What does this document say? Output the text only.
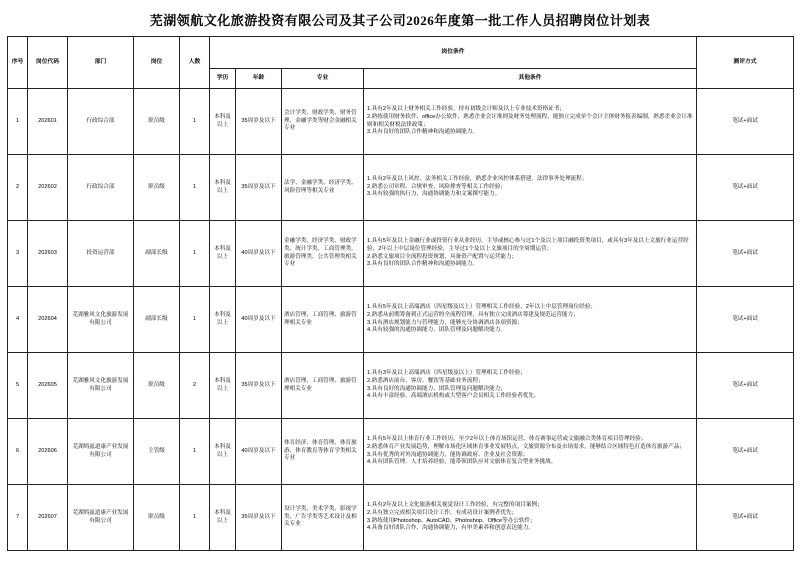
芜湖领航文化旅游投资有限公司及其子公司2026年度第一批工作人员招聘岗位计划表
序号	岗位代码	部门	岗位	人数	岗位条件				测评方式
					学历	年龄	专业	其他条件	
1	202601	行政综合部	职员级	1	本科及以上	35周岁及以下	会计学类、财政学类、财务管理、金融学类等财会金融相关专业	1.具有2年及以上财务相关工作经验，持有初级会计师及以上专业技术资格证书；
2.熟练使用财务软件、office办公软件，熟悉企业会计准则及财务处理流程，能独立完成单个会计主体财务报表编制，熟悉企业会计准则和相关财税法律政策；
3.具有良好的团队合作精神和沟通协调能力。	笔试+面试
2	202602	行政综合部	职员级	1	本科及以上	35周岁及以下	法学、金融学类、经济学类、风险管理等相关专业	1.具有2年及以上风控、法务相关工作经验，熟悉企业风控体系搭建、法律事务处理流程；
2.熟悉公司章程、合规审查、风险排查等相关工作经验；
3.具有较强的执行力，沟通协调能力和文案撰写能力。	笔试+面试
3	202603	投资运营部	副部长级	1	本科及以上	40周岁及以下	金融学类、经济学类、财政学类、统计学类、工商管理类、旅游管理类、公共管理类相关专业	1.具有5年及以上金融行业或投资行业从业经历，主导或核心参与过1个及以上项目融投资类项目，或具有3年及以上文旅行业运营经验，2年以上中层岗位管理经验，主导过1个及以上文旅项目的全周期运营；
2.熟悉文旅项目全流程投资规划，具备资产配置与运营能力；
3.具有良好的团队合作精神和沟通协调能力。	笔试+面试
4	202604	芜湖雅风文化旅游发展有限公司	副部长级	1	本科及以上	40周岁及以下	酒店管理、工商管理、旅游管理相关专业	1.具有5年及以上高端酒店（四星级及以上）管理相关工作经验，2年以上中层管理岗位经验；
2.熟悉从前期筹备到正式运营的全流程管理，具有独立完成酒店筹建及规范运营能力；
3.具有酒店规划能力与管理能力，能够充分协调酒店各项资源；
4.具有较强的沟通协调能力、团队管理及问题解决能力。	笔试+面试
5	202605	芜湖雅风文化旅游发展有限公司	职员级	2	本科及以上	35周岁及以下	酒店管理、工商管理、旅游管理相关专业	1.具有3年及以上高端酒店（四星级及以上）管理相关工作经验；
2.熟悉酒店前台、客房、餐饮等基础业务流程；
3.具有良好的沟通协调能力、团队管理及问题解决能力；
4.具有丰富经验、高端酒店机构或大型客户会员相关工作经验者优先。	笔试+面试
6	202606	芜湖鸠兹道康产业发展有限公司	主管级	1	本科及以上	40周岁及以下	体育经济、体育管理、体育旅游、体育教育等体育学类相关专业	1.具有5年及以上体育行业工作经历，至少2年以上体育场馆运营、体育赛事运营或文旅融合类体育项目管理经验；
2.熟悉体育产业发展趋势，理解市场化区域体育事业发展特点，文旅资源分布及市场需求，能够结合区域特色打造体育旅游产品；
3.具有优秀的对外沟通协调能力，能协调政府、企业及社会资源；
4.具有团队管理、人才培养经验，能带领团队应对文旅体育复合型业务挑战。	笔试+面试
7	202607	芜湖鸠兹道康产业发展有限公司	职员级	1	本科及以上	35周岁及以下	设计学类、美术学类、影视学类、广告学类等艺术设计及相关专业	1.具有2年及以上文化旅游相关视觉设计工作经验，有完整的项目案例；
2.具有独立完成相关项目设计工作，有成功设计案例者优先；
3.熟练使用Photoshop、AutoCAD、Photoshop、Office等办公软件；
4.具备良好团队合作、沟通协调能力，有审美素养和创意表达能力。	笔试+面试
